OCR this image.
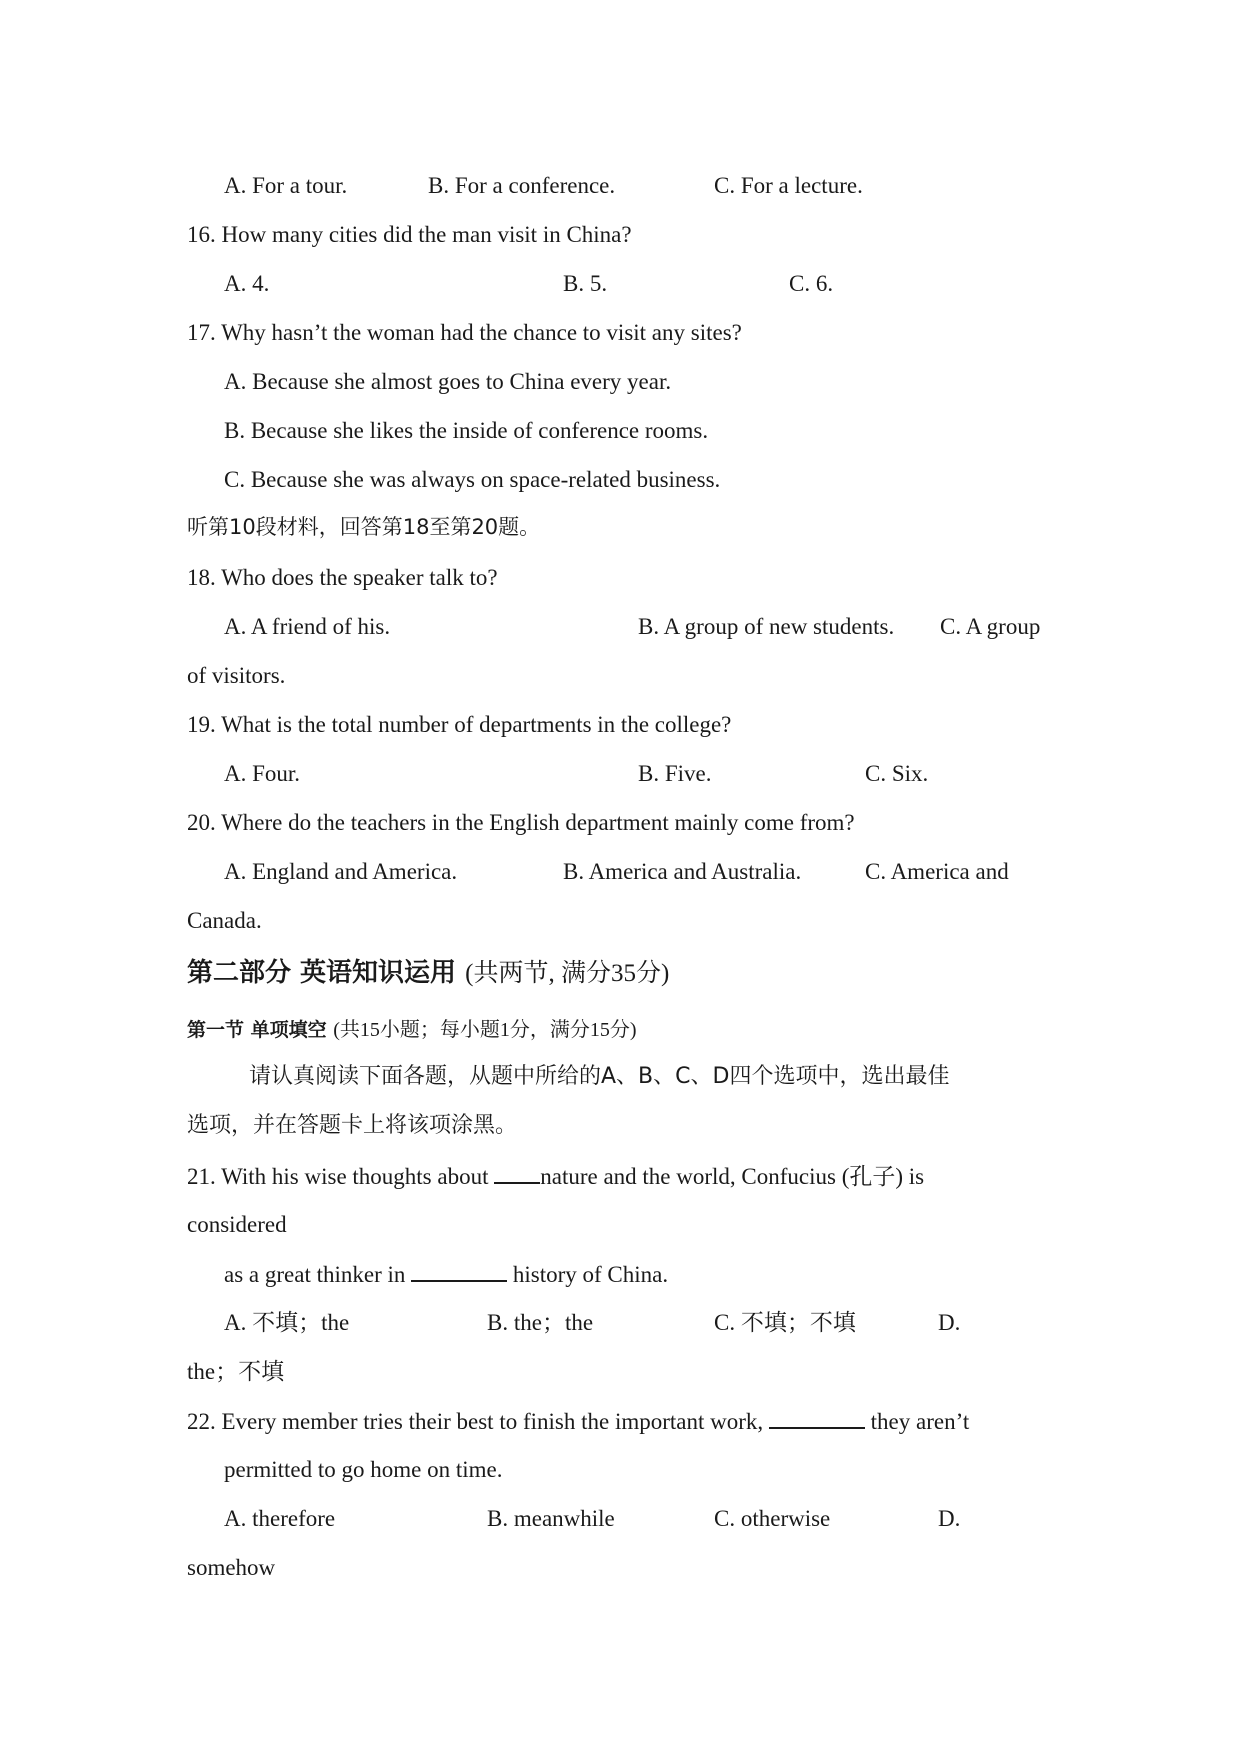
A. For a tour.	B. For a conference.	C. For a lecture.
16. How many cities did the man visit in China?
A. 4.	B. 5.	C. 6.
17. Why hasn’t the woman had the chance to visit any sites?
A. Because she almost goes to China every year.
B. Because she likes the inside of conference rooms.
C. Because she was always on space-related business.
听第10段材料，回答第18至第20题。
18. Who does the speaker talk to?
A. A friend of his.	B. A group of new students. C. A group
of visitors.
19. What is the total number of departments in the college?
A. Four.	B. Five.	C. Six.
20. Where do the teachers in the English department mainly come from?
A. England and America.	B. America and Australia.	C. America and
Canada.
第二部分 英语知识运用 (共两节, 满分35分)
第一节 单项填空 (共15小题；每小题1分，满分15分)
请认真阅读下面各题，从题中所给的A、B、C、D四个选项中，选出最佳
选项，并在答题卡上将该项涂黑。
21. With his wise thoughts about nature and the world, Confucius (孔子) is
considered
as a great thinker in	history of China.
A. 不填；the	B. the；the	C. 不填；不填	D.
the；不填
22. Every member tries their best to finish the important work,	they aren’t
permitted to go home on time.
A. therefore	B. meanwhile	C. otherwise	D.
somehow
